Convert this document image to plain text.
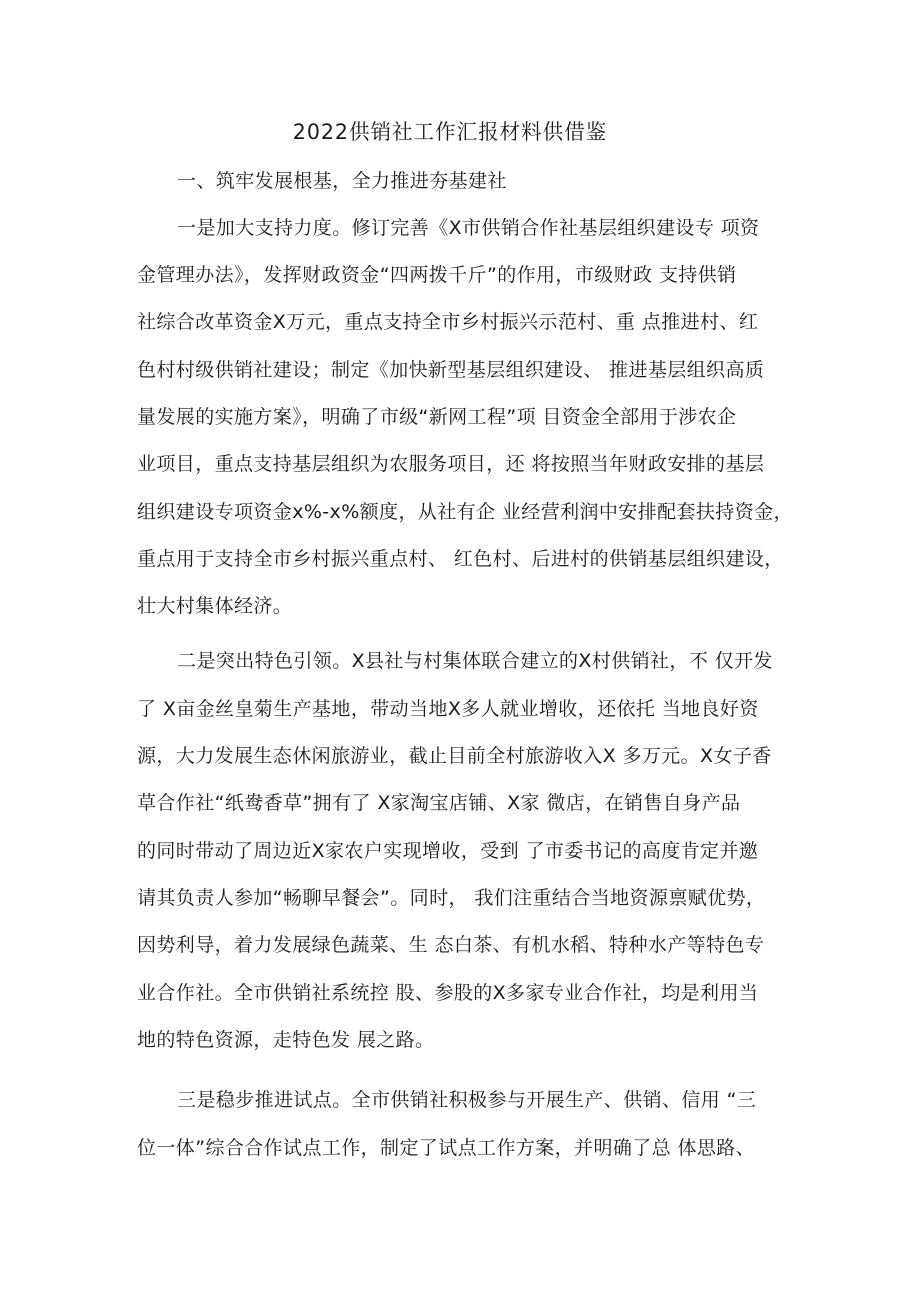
2022供销社工作汇报材料供借鉴
一、筑牢发展根基，全力推进夯基建社
一是加大支持力度。修订完善《X市供销合作社基层组织建设专 项资
金管理办法》，发挥财政资金“四两拨千斤”的作用，市级财政 支持供销
社综合改革资金X万元，重点支持全市乡村振兴示范村、重 点推进村、红
色村村级供销社建设；制定《加快新型基层组织建设、 推进基层组织高质
量发展的实施方案》，明确了市级“新网工程”项 目资金全部用于涉农企
业项目，重点支持基层组织为农服务项目，还 将按照当年财政安排的基层
组织建设专项资金x%-x%额度，从社有企 业经营利润中安排配套扶持资金，
重点用于支持全市乡村振兴重点村、 红色村、后进村的供销基层组织建设，
壮大村集体经济。
二是突出特色引领。X县社与村集体联合建立的X村供销社，不 仅开发
了 X亩金丝皇菊生产基地，带动当地X多人就业增收，还依托 当地良好资
源，大力发展生态休闲旅游业，截止目前全村旅游收入X 多万元。X女子香
草合作社“纸鸯香草”拥有了 X家淘宝店铺、X家 微店，在销售自身产品
的同时带动了周边近X家农户实现增收，受到 了市委书记的高度肯定并邀
请其负责人参加“畅聊早餐会”。同时， 我们注重结合当地资源禀赋优势，
因势利导，着力发展绿色蔬菜、生 态白茶、有机水稻、特种水产等特色专
业合作社。全市供销社系统控 股、参股的X多家专业合作社，均是利用当
地的特色资源，走特色发 展之路。
三是稳步推进试点。全市供销社积极参与开展生产、供销、信用 “三
位一体”综合合作试点工作，制定了试点工作方案，并明确了总 体思路、
